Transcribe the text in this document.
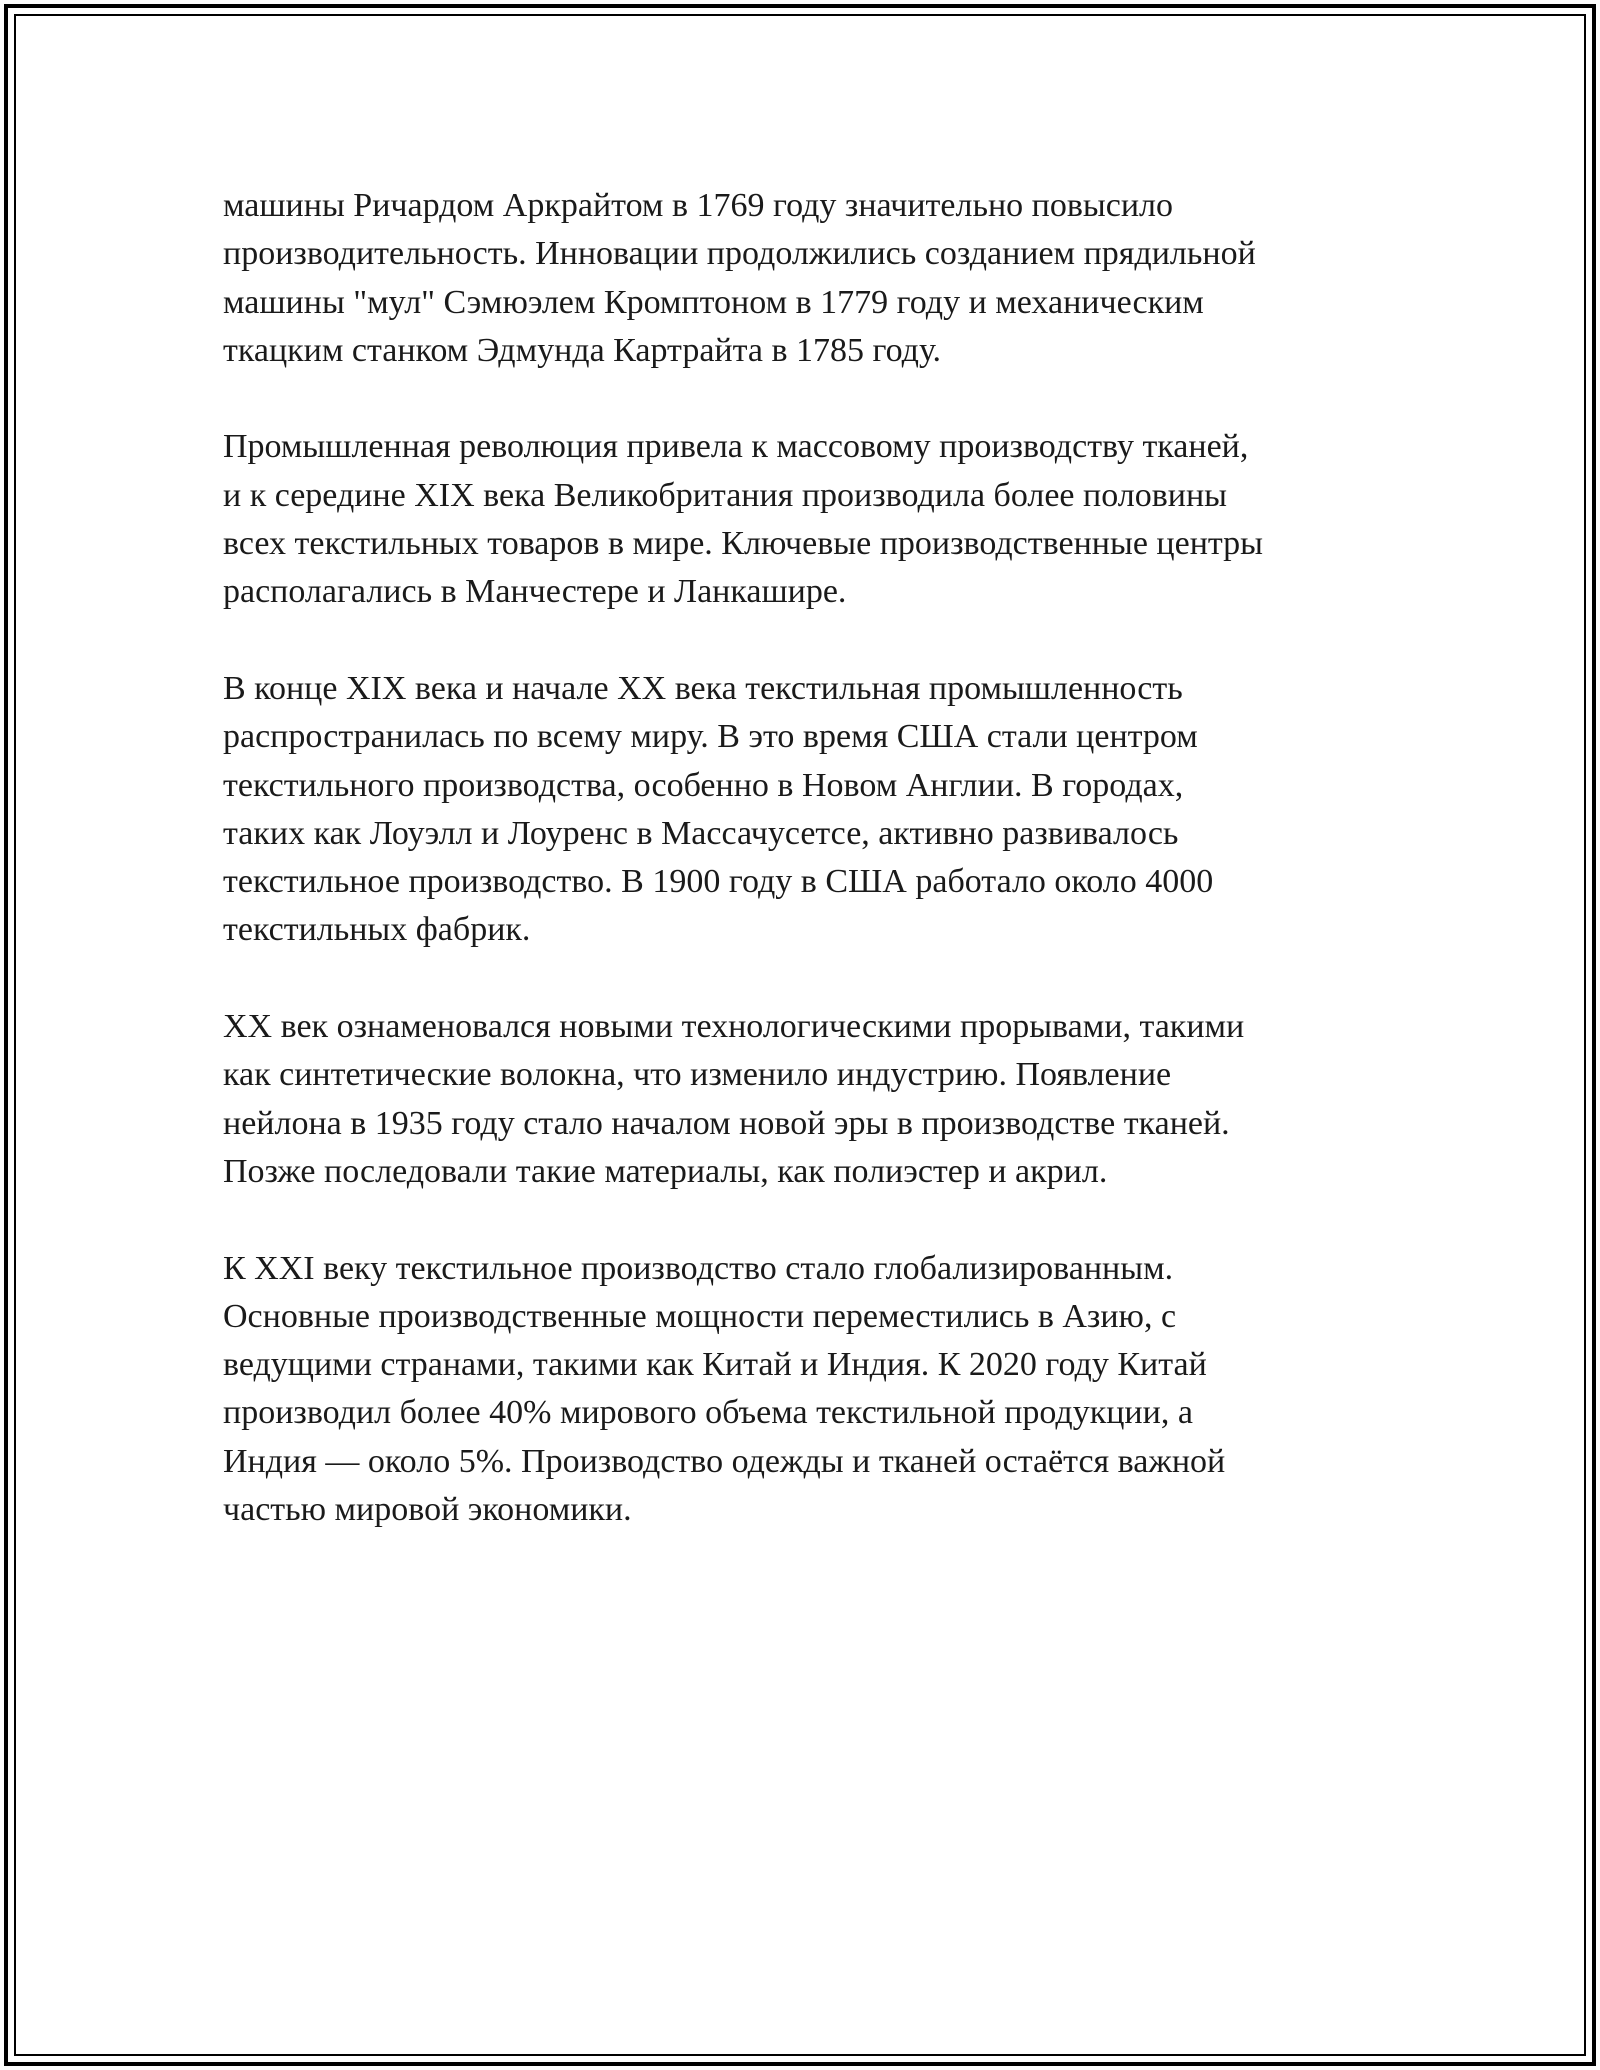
машины Ричардом Аркрайтом в 1769 году значительно повысило
производительность. Инновации продолжились созданием прядильной
машины "мул" Сэмюэлем Кромптоном в 1779 году и механическим
ткацким станком Эдмунда Картрайта в 1785 году.

Промышленная революция привела к массовому производству тканей,
и к середине XIX века Великобритания производила более половины
всех текстильных товаров в мире. Ключевые производственные центры
располагались в Манчестере и Ланкашире.

В конце XIX века и начале XX века текстильная промышленность
распространилась по всему миру. В это время США стали центром
текстильного производства, особенно в Новом Англии. В городах,
таких как Лоуэлл и Лоуренс в Массачусетсе, активно развивалось
текстильное производство. В 1900 году в США работало около 4000
текстильных фабрик.

XX век ознаменовался новыми технологическими прорывами, такими
как синтетические волокна, что изменило индустрию. Появление
нейлона в 1935 году стало началом новой эры в производстве тканей.
Позже последовали такие материалы, как полиэстер и акрил.

К XXI веку текстильное производство стало глобализированным.
Основные производственные мощности переместились в Азию, с
ведущими странами, такими как Китай и Индия. К 2020 году Китай
производил более 40% мирового объема текстильной продукции, а
Индия — около 5%. Производство одежды и тканей остаётся важной
частью мировой экономики.
